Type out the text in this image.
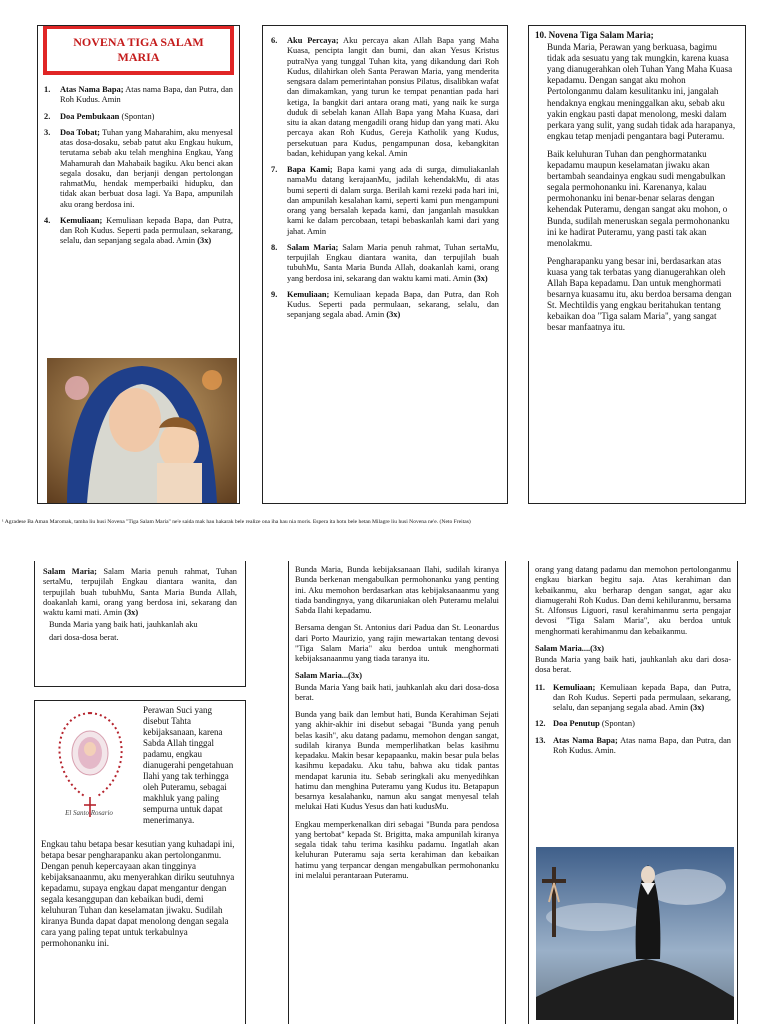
NOVENA TIGA SALAM MARIA
1. Atas Nama Bapa; Atas nama Bapa, dan Putra, dan Roh Kudus. Amin
2. Doa Pembukaan (Spontan)
3. Doa Tobat; Tuhan yang Maharahim, aku menyesal atas dosa-dosaku, sebab patut aku Engkau hukum, terutama sebab aku telah menghina Engkau, Yang Mahamurah dan Mahabaik bagiku. Aku benci akan segala dosaku, dan berjanji dengan pertolongan rahmatMu, hendak memperbaiki hidupku, dan tidak akan berbuat dosa lagi. Ya Bapa, ampunilah aku orang berdosa ini.
4. Kemuliaan; Kemuliaan kepada Bapa, dan Putra, dan Roh Kudus. Seperti pada permulaan, sekarang, selalu, dan sepanjang segala abad. Amin (3x)
6. Aku Percaya; Aku percaya akan Allah Bapa yang Maha Kuasa, pencipta langit dan bumi, dan akan Yesus Kristus putraNya yang tunggal Tuhan kita, yang dikandung dari Roh Kudus, dilahirkan oleh Santa Perawan Maria, yang menderita sengsara dalam pemerintahan ponsius Pilatus, disalibkan wafat dan dimakamkan, yang turun ke tempat penantian pada hari ketiga, Ia bangkit dari antara orang mati, yang naik ke surga duduk di sebelah kanan Allah Bapa yang Maha Kuasa, dari situ ia akan datang mengadili orang hidup dan yang mati. Aku percaya akan Roh Kudus, Gereja Katholik yang Kudus, persekutuan para Kudus, pengampunan dosa, kebangkitan badan, kehidupan yang kekal. Amin
7. Bapa Kami; Bapa kami yang ada di surga, dimuliakanlah namaMu datang kerajaanMu, jadilah kehendakMu, di atas bumi seperti di dalam surga. Berilah kami rezeki pada hari ini, dan ampunilah kesalahan kami, seperti kami pun mengampuni orang yang bersalah kepada kami, dan janganlah masukkan kami ke dalam percobaan, tetapi bebaskanlah kami dari yang jahat. Amin
8. Salam Maria; Salam Maria penuh rahmat, Tuhan sertaMu, terpujilah Engkau diantara wanita, dan terpujilah buah tubuhMu, Santa Maria Bunda Allah, doakanlah kami, orang yang berdosa ini, sekarang dan waktu kami mati. Amin (3x)
9. Kemuliaan; Kemuliaan kepada Bapa, dan Putra, dan Roh Kudus. Seperti pada permulaan, sekarang, selalu, dan sepanjang segala abad. Amin (3x)
10. Novena Tiga Salam Maria;
Bunda Maria, Perawan yang berkuasa, bagimu tidak ada sesuatu yang tak mungkin, karena kuasa yang dianugerahkan oleh Tuhan Yang Maha Kuasa kepadamu. Dengan sangat aku mohon Pertolonganmu dalam kesulitanku ini, jangalah hendaknya engkau meninggalkan aku, sebab aku yakin engkau pasti dapat menolong, meski dalam perkara yang sulit, yang sudah tidak ada harapanya, engkau tetap menjadi pengantara bagi Puteramu.
Baik keluhuran Tuhan dan penghormatanku kepadamu maupun keselamatan jiwaku akan bertambah seandainya engkau sudi mengabulkan segala permohonanku ini. Karenanya, kalau permohonanku ini benar-benar selaras dengan kehendak Puteramu, dengan sangat aku mohon, o Bunda, sudilah meneruskan segala permohonanku ini ke hadirat Puteramu, yang pasti tak akan menolakmu.
Pengharapanku yang besar ini, berdasarkan atas kuasa yang tak terbatas yang dianugerahkan oleh Allah Bapa kepadamu. Dan untuk menghormati besarnya kuasamu itu, aku berdoa bersama dengan St. Mechtildis yang engkau beritahukan tentang kebaikan doa "Tiga salam Maria", yang sangat besar manfaatnya itu.
¹ Agradese Ba Aman Maromak, tamba liu husi Novena "Tiga Salam Maria" ne'e saida mak hau hakarak bele realize ona iha hau nia moris. Espera ita hotu bele hetan Milagre liu husi Novena ne'e. (Neto Freitas)
Salam Maria; Salam Maria penuh rahmat, Tuhan sertaMu, terpujilah Engkau diantara wanita, dan terpujilah buah tubuhMu, Santa Maria Bunda Allah, doakanlah kami, orang yang berdosa ini, sekarang dan waktu kami mati. Amin (3x)
Bunda Maria yang baik hati, jauhkanlah aku
dari dosa-dosa berat.
El Santo Rosario
Perawan Suci yang disebut Tahta kebijaksanaan, karena Sabda Allah tinggal padamu, engkau dianugerahi pengetahuan Ilahi yang tak terhingga oleh Puteramu, sebagai makhluk yang paling sempurna untuk dapat menerimanya.
Engkau tahu betapa besar kesutian yang kuhadapi ini, betapa besar pengharapanku akan pertolonganmu. Dengan penuh kepercayaan akan tingginya kebijaksanaanmu, aku menyerahkan diriku seutuhnya kepadamu, supaya engkau dapat mengantur dengan segala kesanggupan dan kebaikan budi, demi keluhuran Tuhan dan keselamatan jiwaku. Sudilah kiranya Bunda dapat dapat menolong dengan segala cara yang paling tepat untuk terkabulnya permohonanku ini.
Bunda Maria, Bunda kebijaksanaan Ilahi, sudilah kiranya Bunda berkenan mengabulkan permohonanku yang penting ini. Aku memohon berdasarkan atas kebijaksanaanmu yang tiada bandingnya, yang dikaruniakan oleh Puteramu melalui Sabda Ilahi kepadamu.
Bersama dengan St. Antonius dari Padua dan St. Leonardus dari Porto Maurizio, yang rajin mewartakan tentang devosi "Tiga Salam Maria" aku berdoa untuk menghormati kebijaksanaanmu yang tiada taranya itu.
Salam Maria...(3x)
Bunda Maria Yang baik hati, jauhkanlah aku dari dosa-dosa berat.
Bunda yang baik dan lembut hati, Bunda Kerahiman Sejati yang akhir-akhir ini disebut sebagai "Bunda yang penuh belas kasih", aku datang padamu, memohon dengan sangat, sudilah kiranya Bunda memperlihatkan belas kasihmu kepadaku. Makin besar kepapaanku, makin besar pula belas kasihmu kepadaku. Aku tahu, bahwa aku tidak pantas mendapat karunia itu. Sebab seringkali aku menyedihkan hatimu dan menghina Puteramu yang Kudus itu. Betapapun besarnya kesalahanku, namun aku sangat menyesal telah melukai Hati Kudus Yesus dan hati kudusMu.
Engkau memperkenalkan diri sebagai "Bunda para pendosa yang bertobat" kepada St. Brigitta, maka ampunilah kiranya segala tidak tahu terima kasihku padamu. Ingatlah akan keluhuran Puteramu saja serta kerahiman dan kebaikan hatimu yang terpancar dengan mengabulkan permohonanku ini melalui perantaraan Puteramu.
orang yang datang padamu dan memohon pertolonganmu engkau biarkan begitu saja. Atas kerahiman dan kebaikanmu, aku berharap dengan sangat, agar aku diamugerahi Roh Kudus. Dan demi kehiluranmu, bersama St. Alfonsus Liguori, rasul kerahimanmu serta pengajar devosi "Tiga Salam Maria", aku berdoa untuk menghormati kerahimanmu dan kebaikanmu.
Salam Maria....(3x)
Bunda Maria yang baik hati, jauhkanlah aku dari dosa-dosa berat.
11. Kemuliaan; Kemuliaan kepada Bapa, dan Putra, dan Roh Kudus. Seperti pada permulaan, sekarang, selalu, dan sepanjang segala abad. Amin (3x)
12. Doa Penutup (Spontan)
13. Atas Nama Bapa; Atas nama Bapa, dan Putra, dan Roh Kudus. Amin.
